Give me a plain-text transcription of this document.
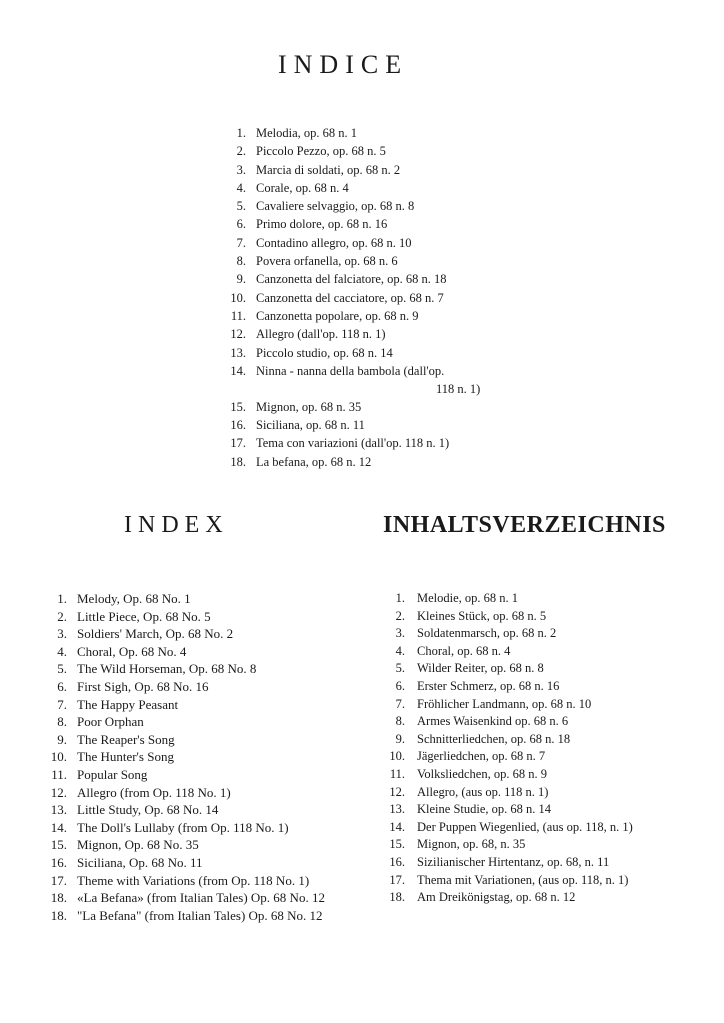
INDICE
1. Melodia, op. 68 n. 1
2. Piccolo Pezzo, op. 68 n. 5
3. Marcia di soldati, op. 68 n. 2
4. Corale, op. 68 n. 4
5. Cavaliere selvaggio, op. 68 n. 8
6. Primo dolore, op. 68 n. 16
7. Contadino allegro, op. 68 n. 10
8. Povera orfanella, op. 68 n. 6
9. Canzonetta del falciatore, op. 68 n. 18
10. Canzonetta del cacciatore, op. 68 n. 7
11. Canzonetta popolare, op. 68 n. 9
12. Allegro (dall'op. 118 n. 1)
13. Piccolo studio, op. 68 n. 14
14. Ninna - nanna della bambola (dall'op.
118 n. 1)
15. Mignon, op. 68 n. 35
16. Siciliana, op. 68 n. 11
17. Tema con variazioni (dall'op. 118 n. 1)
18. La befana, op. 68 n. 12
INDEX
1. Melody, Op. 68 No. 1
2. Little Piece, Op. 68 No. 5
3. Soldiers' March, Op. 68 No. 2
4. Choral, Op. 68 No. 4
5. The Wild Horseman, Op. 68 No. 8
6. First Sigh, Op. 68 No. 16
7. The Happy Peasant
8. Poor Orphan
9. The Reaper's Song
10. The Hunter's Song
11. Popular Song
12. Allegro (from Op. 118 No. 1)
13. Little Study, Op. 68 No. 14
14. The Doll's Lullaby (from Op. 118 No. 1)
15. Mignon, Op. 68 No. 35
16. Siciliana, Op. 68 No. 11
17. Theme with Variations (from Op. 118 No. 1)
18. «La Befana» (from Italian Tales) Op. 68 No. 12
18. "La Befana" (from Italian Tales) Op. 68 No. 12
INHALTSVERZEICHNIS
1. Melodie, op. 68 n. 1
2. Kleines Stück, op. 68 n. 5
3. Soldatenmarsch, op. 68 n. 2
4. Choral, op. 68 n. 4
5. Wilder Reiter, op. 68 n. 8
6. Erster Schmerz, op. 68 n. 16
7. Fröhlicher Landmann, op. 68 n. 10
8. Armes Waisenkind op. 68 n. 6
9. Schnitterliedchen, op. 68 n. 18
10. Jägerliedchen, op. 68 n. 7
11. Volksliedchen, op. 68 n. 9
12. Allegro, (aus op. 118 n. 1)
13. Kleine Studie, op. 68 n. 14
14. Der Puppen Wiegenlied, (aus op. 118, n. 1)
15. Mignon, op. 68, n. 35
16. Sizilianischer Hirtentanz, op. 68, n. 11
17. Thema mit Variationen, (aus op. 118, n. 1)
18. Am Dreikönigstag, op. 68 n. 12
